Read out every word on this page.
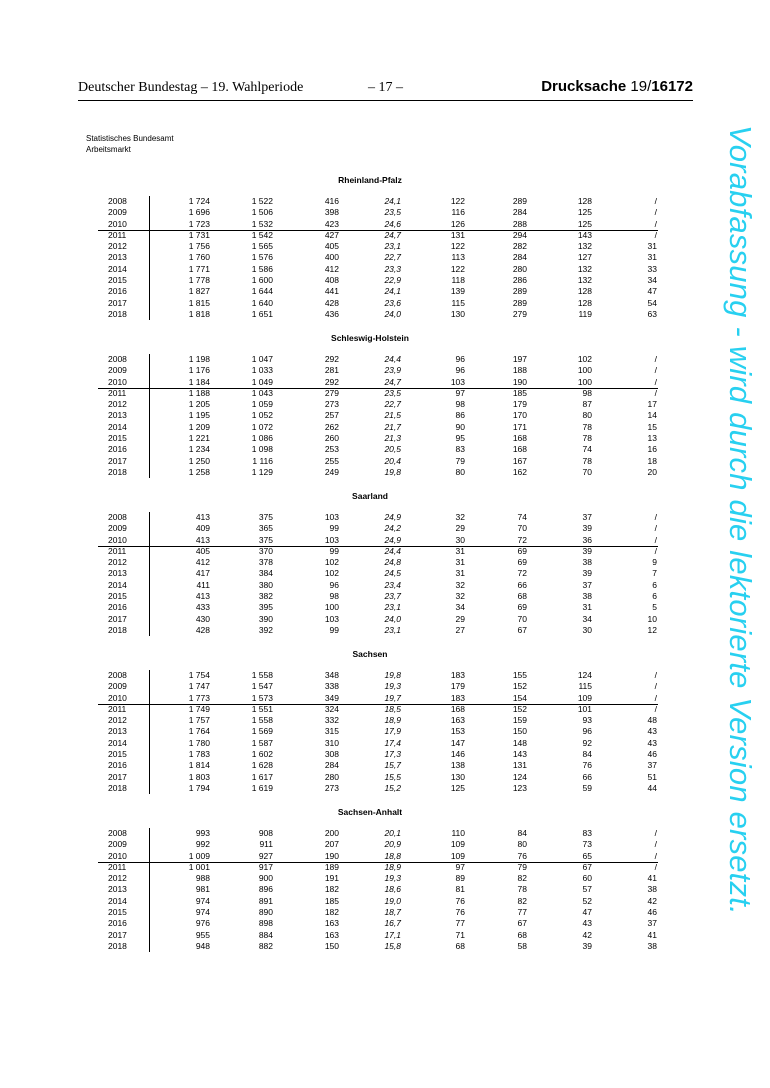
Deutscher Bundestag – 19. Wahlperiode	– 17 –	Drucksache 19/16172
Statistisches Bundesamt
Arbeitsmarkt
Rheinland-Pfalz
2008	1 724	1 522	416	24,1	122	289	128	/
2009	1 696	1 506	398	23,5	116	284	125	/
2010	1 723	1 532	423	24,6	126	288	125	/
2011	1 731	1 542	427	24,7	131	294	143	/
2012	1 756	1 565	405	23,1	122	282	132	31
2013	1 760	1 576	400	22,7	113	284	127	31
2014	1 771	1 586	412	23,3	122	280	132	33
2015	1 778	1 600	408	22,9	118	286	132	34
2016	1 827	1 644	441	24,1	139	289	128	47
2017	1 815	1 640	428	23,6	115	289	128	54
2018	1 818	1 651	436	24,0	130	279	119	63
Schleswig-Holstein
2008	1 198	1 047	292	24,4	96	197	102	/
2009	1 176	1 033	281	23,9	96	188	100	/
2010	1 184	1 049	292	24,7	103	190	100	/
2011	1 188	1 043	279	23,5	97	185	98	/
2012	1 205	1 059	273	22,7	98	179	87	17
2013	1 195	1 052	257	21,5	86	170	80	14
2014	1 209	1 072	262	21,7	90	171	78	15
2015	1 221	1 086	260	21,3	95	168	78	13
2016	1 234	1 098	253	20,5	83	168	74	16
2017	1 250	1 116	255	20,4	79	167	78	18
2018	1 258	1 129	249	19,8	80	162	70	20
Saarland
2008	413	375	103	24,9	32	74	37	/
2009	409	365	99	24,2	29	70	39	/
2010	413	375	103	24,9	30	72	36	/
2011	405	370	99	24,4	31	69	39	/
2012	412	378	102	24,8	31	69	38	9
2013	417	384	102	24,5	31	72	39	7
2014	411	380	96	23,4	32	66	37	6
2015	413	382	98	23,7	32	68	38	6
2016	433	395	100	23,1	34	69	31	5
2017	430	390	103	24,0	29	70	34	10
2018	428	392	99	23,1	27	67	30	12
Sachsen
2008	1 754	1 558	348	19,8	183	155	124	/
2009	1 747	1 547	338	19,3	179	152	115	/
2010	1 773	1 573	349	19,7	183	154	109	/
2011	1 749	1 551	324	18,5	168	152	101	/
2012	1 757	1 558	332	18,9	163	159	93	48
2013	1 764	1 569	315	17,9	153	150	96	43
2014	1 780	1 587	310	17,4	147	148	92	43
2015	1 783	1 602	308	17,3	146	143	84	46
2016	1 814	1 628	284	15,7	138	131	76	37
2017	1 803	1 617	280	15,5	130	124	66	51
2018	1 794	1 619	273	15,2	125	123	59	44
Sachsen-Anhalt
2008	993	908	200	20,1	110	84	83	/
2009	992	911	207	20,9	109	80	73	/
2010	1 009	927	190	18,8	109	76	65	/
2011	1 001	917	189	18,9	97	79	67	/
2012	988	900	191	19,3	89	82	60	41
2013	981	896	182	18,6	81	78	57	38
2014	974	891	185	19,0	76	82	52	42
2015	974	890	182	18,7	76	77	47	46
2016	976	898	163	16,7	77	67	43	37
2017	955	884	163	17,1	71	68	42	41
2018	948	882	150	15,8	68	58	39	38
Vorabfassung - wird durch die lektorierte Version ersetzt.
